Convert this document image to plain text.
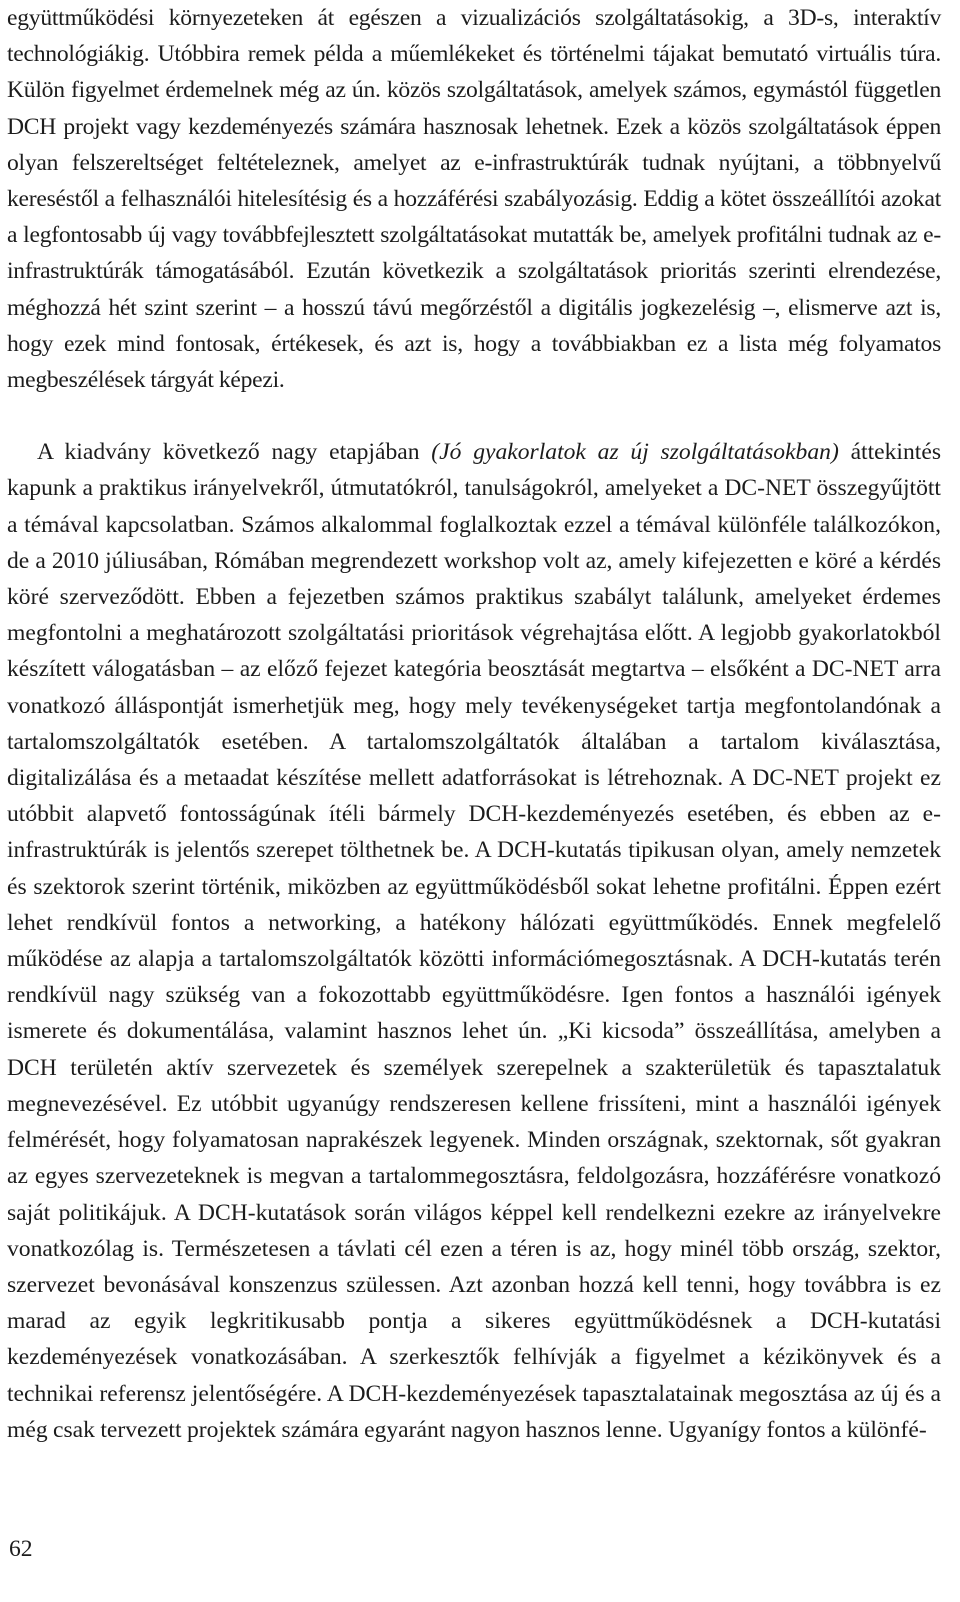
együttműködési környezeteken át egészen a vizualizációs szolgáltatásokig, a 3D-s, interaktív technológiákig. Utóbbira remek példa a műemlékeket és történelmi tájakat bemutató virtuális túra. Külön figyelmet érdemelnek még az ún. közös szolgáltatások, amelyek számos, egymástól független DCH projekt vagy kezdeményezés számára hasznosak lehetnek. Ezek a közös szolgáltatások éppen olyan felszereltséget feltételeznek, amelyet az e-infrastruktúrák tudnak nyújtani, a többnyelvű kereséstől a felhasználói hitelesítésig és a hozzáférési szabályozásig. Eddig a kötet összeállítói azokat a legfontosabb új vagy továbbfejlesztett szolgáltatásokat mutatták be, amelyek profitálni tudnak az e-infrastruktúrák támogatásából. Ezután következik a szolgáltatások prioritás szerinti elrendezése, méghozzá hét szint szerint – a hosszú távú megőrzéstől a digitális jogkezelésig –, elismerve azt is, hogy ezek mind fontosak, értékesek, és azt is, hogy a továbbiakban ez a lista még folyamatos megbeszélések tárgyát képezi.

A kiadvány következő nagy etapjában (Jó gyakorlatok az új szolgáltatásokban) áttekintés kapunk a praktikus irányelvekről, útmutatókról, tanulságokról, amelyeket a DC-NET összegyűjtött a témával kapcsolatban. Számos alkalommal foglalkoztak ezzel a témával különféle találkozókon, de a 2010 júliusában, Rómában megrendezett workshop volt az, amely kifejezetten e köré a kérdés köré szerveződött. Ebben a fejezetben számos praktikus szabályt találunk, amelyeket érdemes megfontolni a meghatározott szolgáltatási prioritások végrehajtása előtt. A legjobb gyakorlatokból készített válogatásban – az előző fejezet kategória beosztását megtartva – elsőként a DC-NET arra vonatkozó álláspontját ismerhetjük meg, hogy mely tevékenységeket tartja megfontolandónak a tartalomszolgáltatók esetében. A tartalomszolgáltatók általában a tartalom kiválasztása, digitalizálása és a metaadat készítése mellett adatforrásokat is létrehoznak. A DC-NET projekt ez utóbbit alapvető fontosságúnak ítéli bármely DCH-kezdeményezés esetében, és ebben az e-infrastruktúrák is jelentős szerepet tölthetnek be. A DCH-kutatás tipikusan olyan, amely nemzetek és szektorok szerint történik, miközben az együttműködésből sokat lehetne profitálni. Éppen ezért lehet rendkívül fontos a networking, a hatékony hálózati együttműködés. Ennek megfelelő működése az alapja a tartalomszolgáltatók közötti információmegosztásnak. A DCH-kutatás terén rendkívül nagy szükség van a fokozottabb együttműködésre. Igen fontos a használói igények ismerete és dokumentálása, valamint hasznos lehet ún. „Ki kicsoda” összeállítása, amelyben a DCH területén aktív szervezetek és személyek szerepelnek a szakterületük és tapasztalatuk megnevezésével. Ez utóbbit ugyanúgy rendszeresen kellene frissíteni, mint a használói igények felmérését, hogy folyamatosan naprakészek legyenek. Minden országnak, szektornak, sőt gyakran az egyes szervezeteknek is megvan a tartalommegosztásra, feldolgozásra, hozzáférésre vonatkozó saját politikájuk. A DCH-kutatások során világos képpel kell rendelkezni ezekre az irányelvekre vonatkozólag is. Természetesen a távlati cél ezen a téren is az, hogy minél több ország, szektor, szervezet bevonásával konszenzus szülessen. Azt azonban hozzá kell tenni, hogy továbbra is ez marad az egyik legkritikusabb pontja a sikeres együttműködésnek a DCH-kutatási kezdeményezések vonatkozásában. A szerkesztők felhívják a figyelmet a kézikönyvek és a technikai referensz jelentőségére. A DCH-kezdeményezések tapasztalatainak megosztása az új és a még csak tervezett projektek számára egyaránt nagyon hasznos lenne. Ugyanígy fontos a különfé-

62
